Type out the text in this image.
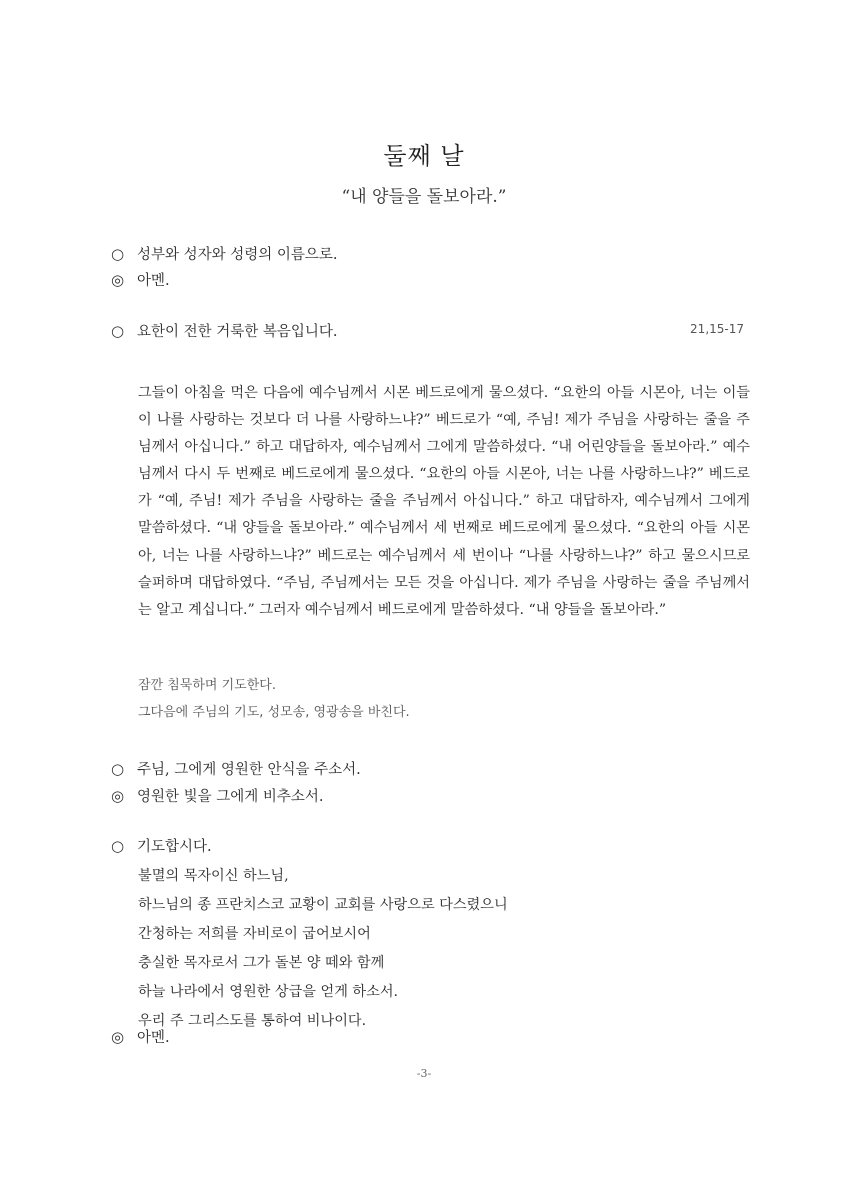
둘째 날
“내 양들을 돌보아라.”
○ 성부와 성자와 성령의 이름으로.
◎ 아멘.
○ 요한이 전한 거룩한 복음입니다.	21,15-17
그들이 아침을 먹은 다음에 예수님께서 시몬 베드로에게 물으셨다. “요한의 아들 시몬아, 너는 이들이 나를 사랑하는 것보다 더 나를 사랑하느냐?” 베드로가 “예, 주님! 제가 주님을 사랑하는 줄을 주님께서 아십니다.” 하고 대답하자, 예수님께서 그에게 말씀하셨다. “내 어린양들을 돌보아라.” 예수님께서 다시 두 번째로 베드로에게 물으셨다. “요한의 아들 시몬아, 너는 나를 사랑하느냐?” 베드로가 “예, 주님! 제가 주님을 사랑하는 줄을 주님께서 아십니다.” 하고 대답하자, 예수님께서 그에게 말씀하셨다. “내 양들을 돌보아라.” 예수님께서 세 번째로 베드로에게 물으셨다. “요한의 아들 시몬아, 너는 나를 사랑하느냐?” 베드로는 예수님께서 세 번이나 “나를 사랑하느냐?” 하고 물으시므로 슬퍼하며 대답하였다. “주님, 주님께서는 모든 것을 아십니다. 제가 주님을 사랑하는 줄을 주님께서는 알고 계십니다.” 그러자 예수님께서 베드로에게 말씀하셨다. “내 양들을 돌보아라.”
잠깐 침묵하며 기도한다.
그다음에 주님의 기도, 성모송, 영광송을 바친다.
○ 주님, 그에게 영원한 안식을 주소서.
◎ 영원한 빛을 그에게 비추소서.
○ 기도합시다.
불멸의 목자이신 하느님,
하느님의 종 프란치스코 교황이 교회를 사랑으로 다스렸으니
간청하는 저희를 자비로이 굽어보시어
충실한 목자로서 그가 돌본 양 떼와 함께
하늘 나라에서 영원한 상급을 얻게 하소서.
우리 주 그리스도를 통하여 비나이다.
◎ 아멘.
-3-
